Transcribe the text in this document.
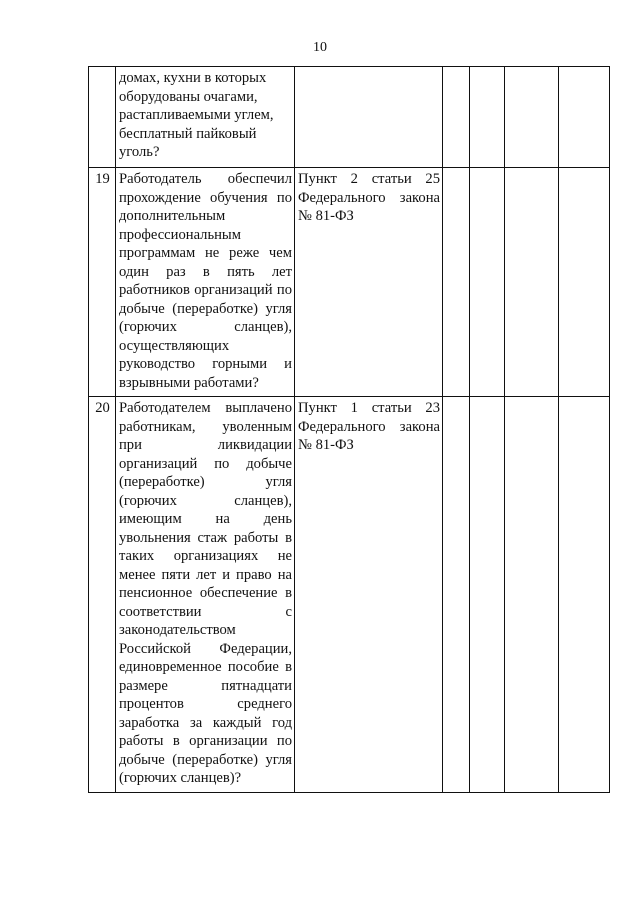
10
	домах, кухни в которых оборудованы очагами, растапливаемыми углем, бесплатный пайковый уголь?					
19	Работодатель обеспечил прохождение обучения по дополнительным профессиональным программам не реже чем один раз в пять лет работников организаций по добыче (переработке) угля (горючих сланцев), осуществляющих руководство горными и взрывными работами?	Пункт 2 статьи 25 Федерального закона № 81-ФЗ				
20	Работодателем выплачено работникам, уволенным при ликвидации организаций по добыче (переработке) угля (горючих сланцев), имеющим на день увольнения стаж работы в таких организациях не менее пяти лет и право на пенсионное обеспечение в соответствии с законодательством Российской Федерации, единовременное пособие в размере пятнадцати процентов среднего заработка за каждый год работы в организации по добыче (переработке) угля (горючих сланцев)?	Пункт 1 статьи 23 Федерального закона № 81-ФЗ				
